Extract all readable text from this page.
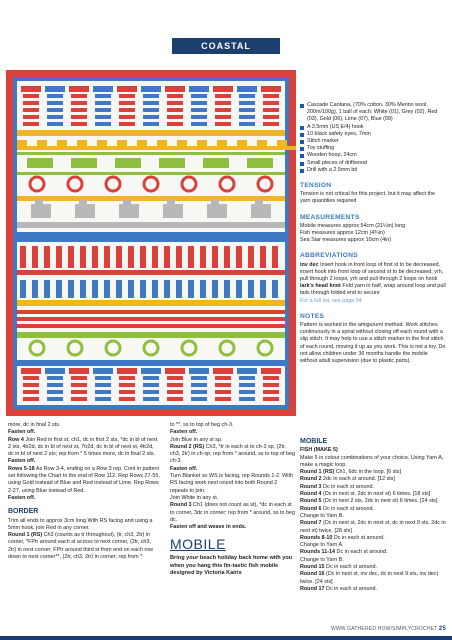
COASTAL COLLECTION
Cascade Cantana, (70% cotton, 30% Merino wool, 200m/100g), 1 ball of each: White (01), Grey (02), Red (03), Gold (06), Lime (07), Blue (09)
A 3.5mm (US E/4) hook
10 black safety eyes, 7mm
Stitch marker
Toy stuffing
Wooden hoop, 24cm
Small pieces of driftwood
Drill with a 2.5mm bit
TENSION

Tension is not critical for this project, but it may affect the yarn quantities required

MEASUREMENTS

Mobile measures approx 54cm (21¼in) long

Fish measures approx 12cm (4¾in)

Sea Star measures approx 10cm (4in)

ABBREVIATIONS

inv dec Insert hook in front loop of first st to be decreased, insert hook into front loop of second st to be decreased, yrh, pull through 2 loops, yrh and pull through 2 loops on hook

lark’s head knot Fold yarn in half, wrap around loop and pull tails through folded end to secure

For a full list, see page 94

NOTES

Pattern is worked in the amigurumi method. Work stitches continuously in a spiral without closing off each round with a slip stitch. It may help to use a stitch marker in the first stitch of each round, moving it up as you work. This is not a toy. Do not allow children under 36 months handle the mobile without adult supervision (due to plastic parts).

more, dc in final 2 sts.

Fasten off.

Row 4 Join Red in first st, ch1, dc in first 2 sts, *dc in bl of next 2 sts, 4tr2d, dc in bl of next st, 7tr2d, dc in bl of next st, 4tr2d, dc in bl of next 2 sts; rep from * 5 times more, dc in final 2 sts.

Fasten off.

Rows 5-18 As Row 3-4, ending on a Row 3 rep. Cont in pattern set following the Chart to the end of Row 112. Rep Rows 27-55, using Gold instead of Blue and Red instead of Lime. Rep Rows 2-27, using Blue instead of Red.

Fasten off.

BORDER

Trim all ends to approx 3cm long.With RS facing and using a 5mm hook, join Red in any corner.

Round 1 (RS) Ch3 (counts as tr throughout), (tr, ch3, 2tr) in corner, *FPtr around each st across to next corner, (2tr, ch3, 2tr) in next corner; FPtr around third st from end on each row down to next corner**, (2tr, ch3, 2tr) in corner; rep from *

to **, ss to top of beg ch-3.

Fasten off.

Join Blue in any st sp.

Round 2 (RS) Ch3, *tr in each st to ch-3 sp, (2tr, ch3, 2tr) in ch-sp; rep from * around, ss to top of beg ch-3.

Fasten off.

Turn Blanket so WS is facing, rep Rounds 1-2. With RS facing work next round into both Round 2 repeats to join.

Join White in any st.

Round 3 Ch1 (does not count as st), *dc in each st to corner, 3dc in corner; rep from * around, ss to beg dc.

Fasten off and weave in ends.

MOBILE

Bring your beach holiday back home with you when you hang this fin-tastic fish mobile designed by Victoria Kairis

MOBILE

FISH (MAKE 5)

Make 5 in colour combinations of your choice. Using Yarn A, make a magic loop.

Round 1 (RS) Ch1, 6dc in the loop. [6 sts]

Round 2 2dc in each st around. [12 sts]

Round 3 Dc in each st around.

Round 4 (Dc in next st, 2dc in next st) 6 times. [18 sts]

Round 5 (Dc in next 2 sts, 2dc in next st) 6 times. [24 sts]

Round 6 Dc in each st around.

Change to Yarn B.

Round 7 (Dc in next st, 2dc in next st, dc in next 9 sts, 2dc in next st) twice. [28 sts]

Rounds 8-10 Dc in each st around.

Change to Yarn A.

Rounds 11-14 Dc in each st around.

Change to Yarn B.

Round 15 Dc in each st around.

Round 16 (Dc in next st, inv dec, dc in next 9 sts, inv dec) twice. [24 sts]

Round 17 Dc in each st around.

WWW.GATHERED.HOW/SIMPLYCROCHET 25
